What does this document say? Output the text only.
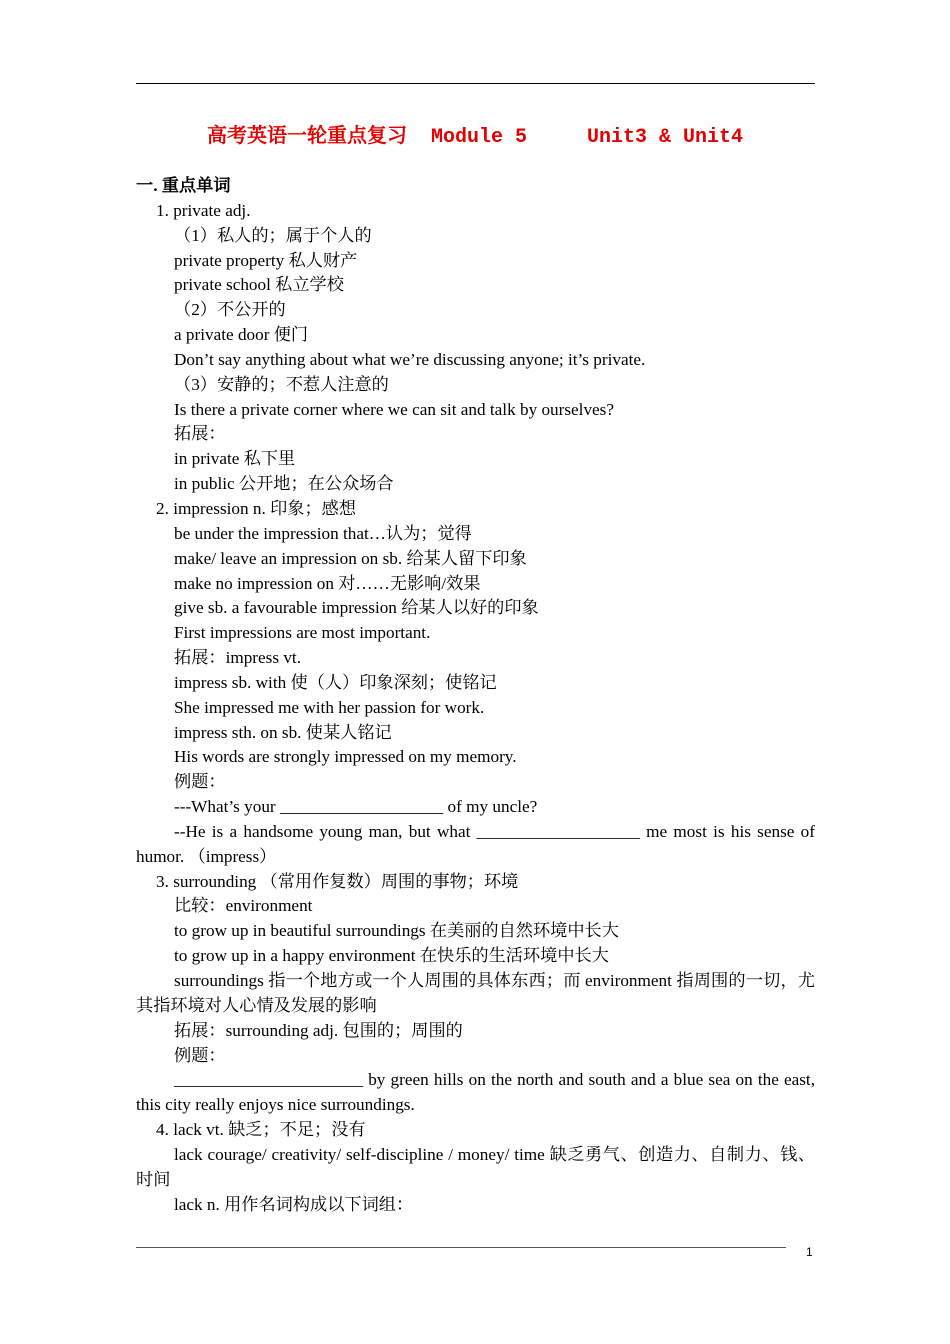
高考英语一轮重点复习  Module 5     Unit3 & Unit4
一. 重点单词
1. private adj.
（1）私人的；属于个人的
private property 私人财产
private school 私立学校
（2）不公开的
a private door 便门
Don’t say anything about what we’re discussing anyone; it’s private.
（3）安静的；不惹人注意的
Is there a private corner where we can sit and talk by ourselves?
拓展：
in private 私下里
in public 公开地；在公众场合
2. impression n. 印象；感想
be under the impression that…认为；觉得
make/ leave an impression on sb. 给某人留下印象
make no impression on 对……无影响/效果
give sb. a favourable impression 给某人以好的印象
First impressions are most important.
拓展：impress vt.
impress sb. with 使（人）印象深刻；使铭记
She impressed me with her passion for work.
impress sth. on sb. 使某人铭记
His words are strongly impressed on my memory.
例题：
---What’s your ___________________ of my uncle?
--He is a handsome young man, but what ___________________ me most is his sense of humor. （impress）
3. surrounding （常用作复数）周围的事物；环境
比较：environment
to grow up in beautiful surroundings 在美丽的自然环境中长大
to grow up in a happy environment 在快乐的生活环境中长大
surroundings 指一个地方或一个人周围的具体东西；而 environment 指周围的一切，尤其指环境对人心情及发展的影响
拓展：surrounding adj. 包围的；周围的
例题：
______________________ by green hills on the north and south and a blue sea on the east, this city really enjoys nice surroundings.
4. lack vt. 缺乏；不足；没有
lack courage/ creativity/ self-discipline / money/ time 缺乏勇气、创造力、自制力、钱、时间
lack n. 用作名词构成以下词组：
1
